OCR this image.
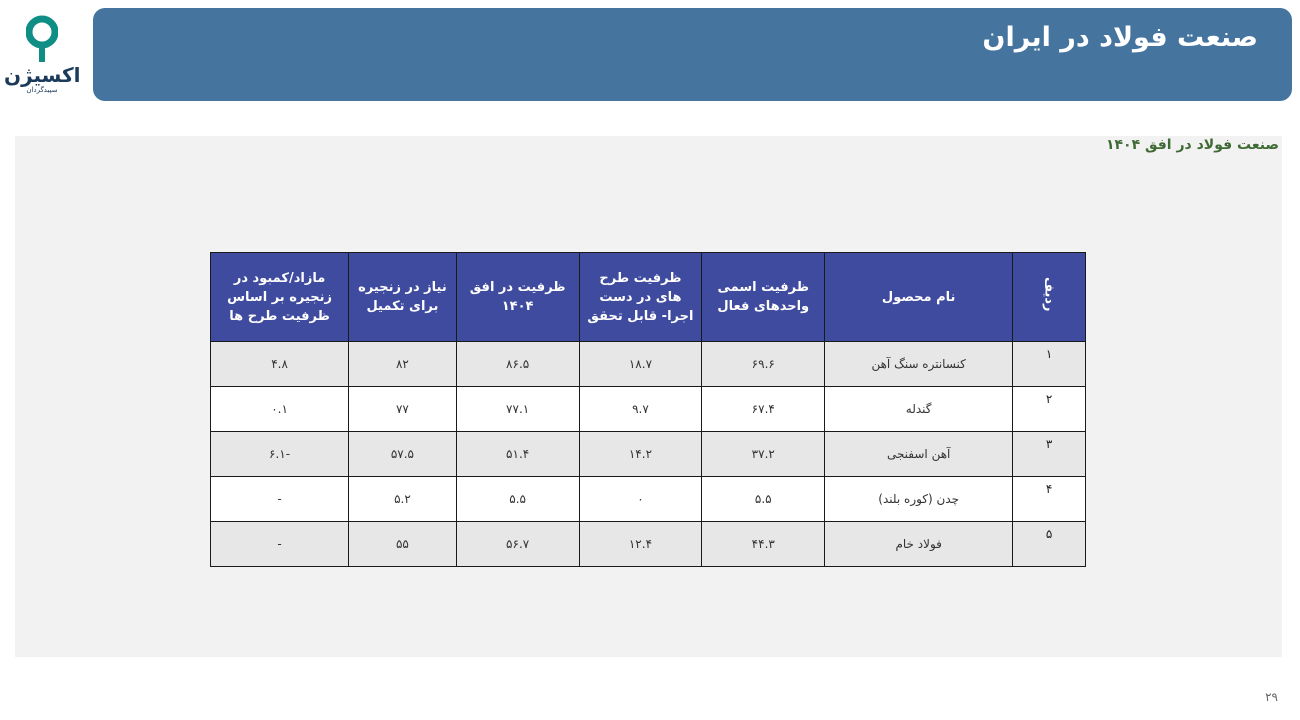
اکسیژن
سپیدگردان
صنعت فولاد در ایران
صنعت فولاد در افق ۱۴۰۴
ردیف	نام محصول	ظرفیت اسمی واحدهای فعال	ظرفیت طرح های در دست اجرا- قابل تحقق	ظرفیت در افق ۱۴۰۴	نیاز در زنجیره برای تکمیل	مازاد/کمبود در زنجیره بر اساس ظرفیت طرح ها
۱	کنسانتره سنگ آهن	۶۹.۶	۱۸.۷	۸۶.۵	۸۲	۴.۸
۲	گندله	۶۷.۴	۹.۷	۷۷.۱	۷۷	۰.۱
۳	آهن اسفنجی	۳۷.۲	۱۴.۲	۵۱.۴	۵۷.۵	-۶.۱
۴	چدن (کوره بلند)	۵.۵	۰	۵.۵	۵.۲	-
۵	فولاد خام	۴۴.۳	۱۲.۴	۵۶.۷	۵۵	-
۲۹
